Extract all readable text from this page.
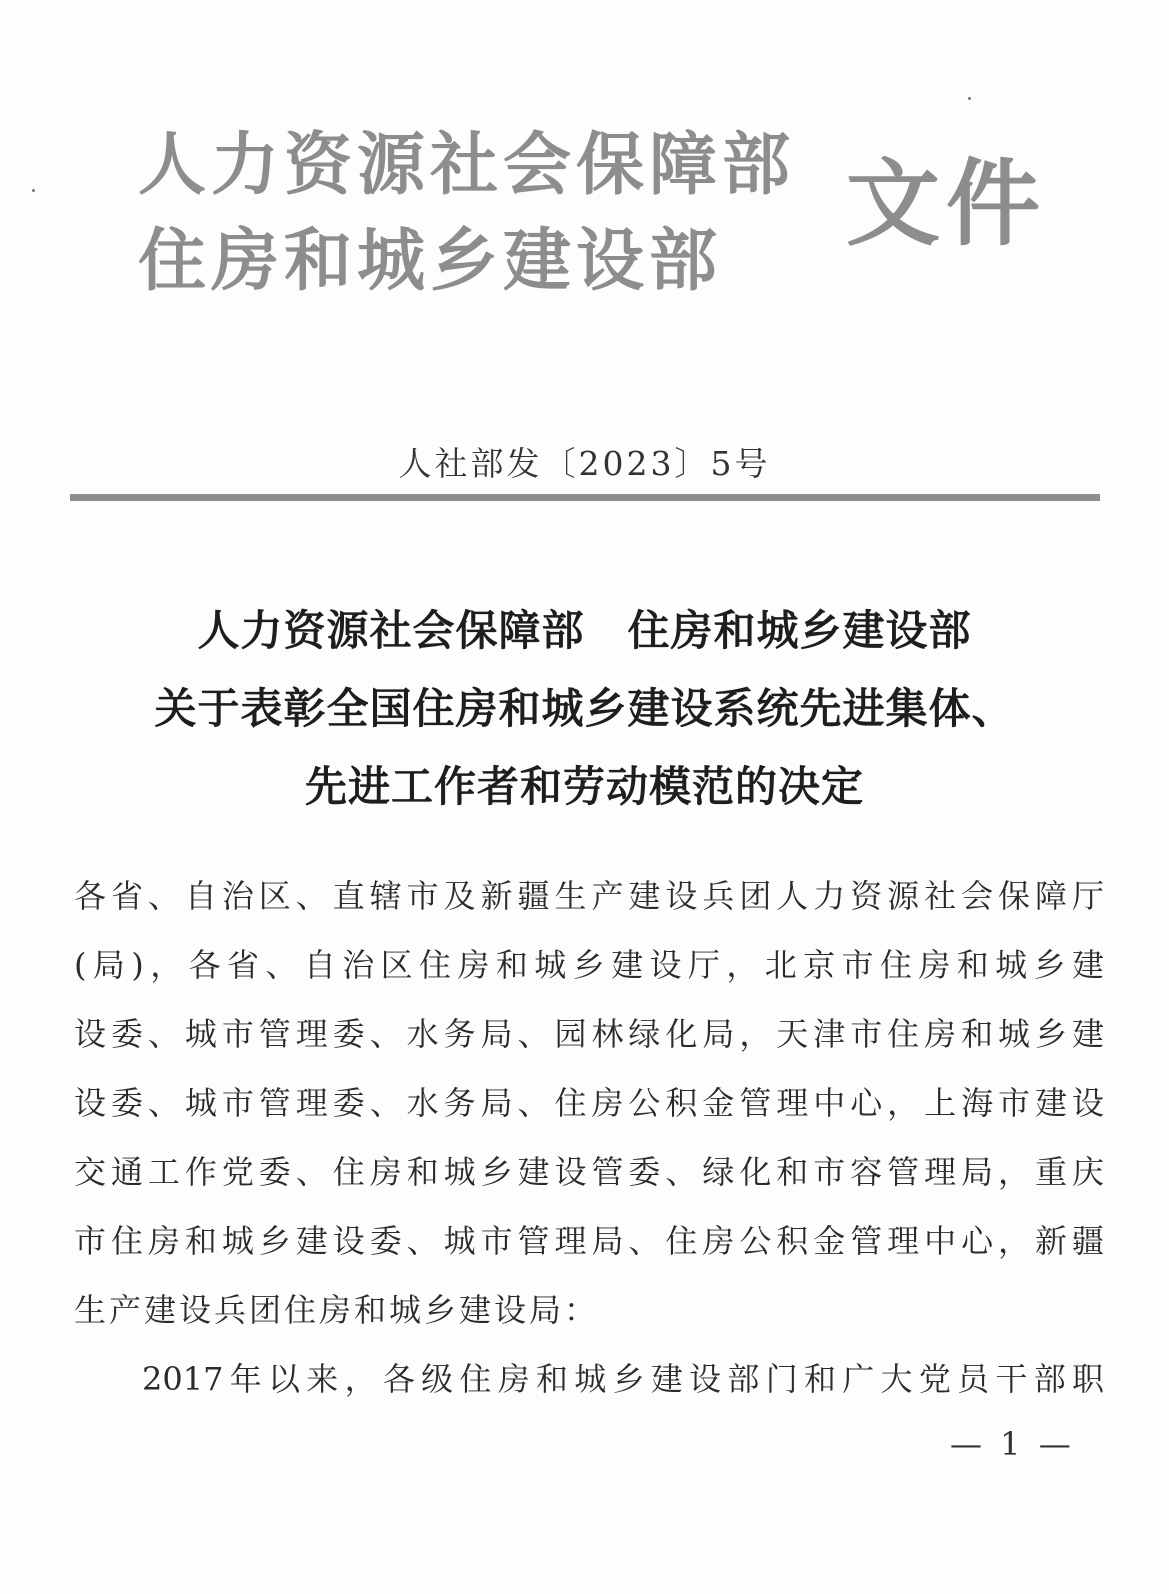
人力资源社会保障部
住房和城乡建设部
文件
人社部发〔2023〕5号
人力资源社会保障部　住房和城乡建设部
关于表彰全国住房和城乡建设系统先进集体、
先进工作者和劳动模范的决定
各省、自治区、直辖市及新疆生产建设兵团人力资源社会保障厅
(局)，各省、自治区住房和城乡建设厅，北京市住房和城乡建
设委、城市管理委、水务局、园林绿化局，天津市住房和城乡建
设委、城市管理委、水务局、住房公积金管理中心，上海市建设
交通工作党委、住房和城乡建设管委、绿化和市容管理局，重庆
市住房和城乡建设委、城市管理局、住房公积金管理中心，新疆
生产建设兵团住房和城乡建设局：
2017年以来，各级住房和城乡建设部门和广大党员干部职
— 1 —
